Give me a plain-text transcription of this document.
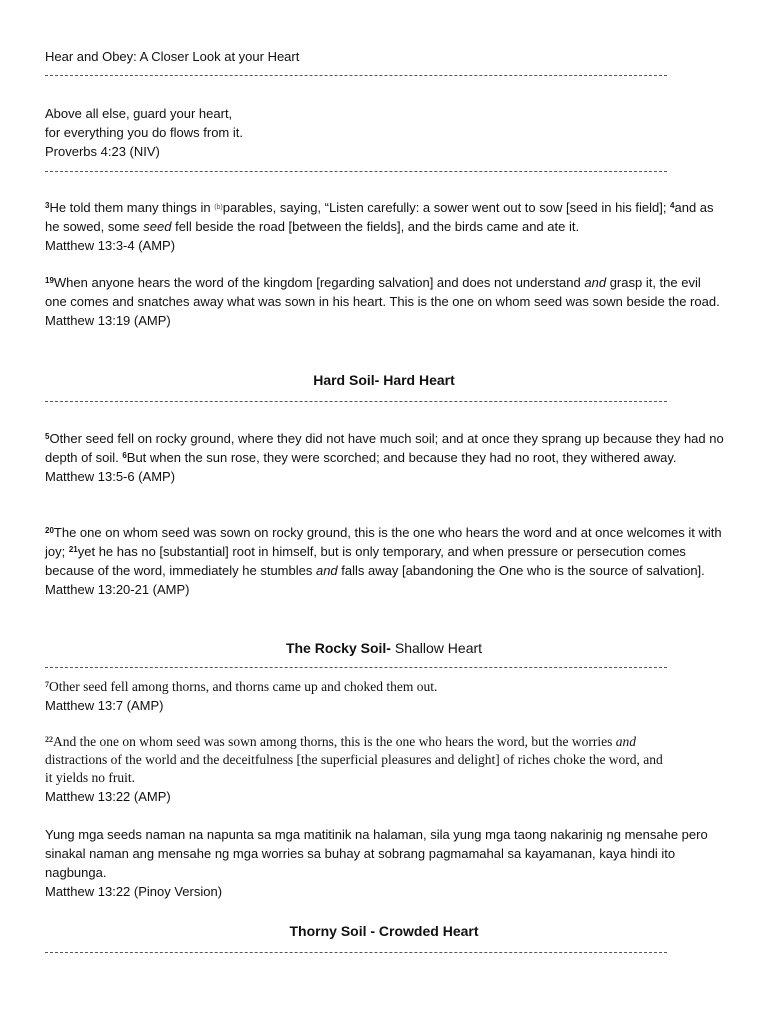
Hear and Obey: A Closer Look at your Heart

Above all else, guard your heart,

for everything you do flows from it.

Proverbs 4:23 (NIV)

$^3$He told them many things in $^{(b)}$parables, saying, “Listen carefully: a sower went out to sow [seed in his field]; $^4$and as he sowed, some seed fell beside the road [between the fields], and the birds came and ate it.

Matthew 13:3-4 (AMP)

$^{19}$When anyone hears the word of the kingdom [regarding salvation] and does not understand and grasp it, the evil one comes and snatches away what was sown in his heart. This is the one on whom seed was sown beside the road.

Matthew 13:19 (AMP)

Hard Soil- Hard Heart

$^5$Other seed fell on rocky ground, where they did not have much soil; and at once they sprang up because they had no depth of soil. $^6$But when the sun rose, they were scorched; and because they had no root, they withered away.

Matthew 13:5-6 (AMP)

$^{20}$The one on whom seed was sown on rocky ground, this is the one who hears the word and at once welcomes it with joy; $^{21}$yet he has no [substantial] root in himself, but is only temporary, and when pressure or persecution comes because of the word, immediately he stumbles and falls away [abandoning the One who is the source of salvation].

Matthew 13:20-21 (AMP)

The Rocky Soil- Shallow Heart

$^7$Other seed fell among thorns, and thorns came up and choked them out.

Matthew 13:7 (AMP)

$^{22}$And the one on whom seed was sown among thorns, this is the one who hears the word, but the worries and distractions of the world and the deceitfulness [the superficial pleasures and delight] of riches choke the word, and it yields no fruit.

Matthew 13:22 (AMP)

Yung mga seeds naman na napunta sa mga matitinik na halaman, sila yung mga taong nakarinig ng mensahe pero sinakal naman ang mensahe ng mga worries sa buhay at sobrang pagmamahal sa kayamanan, kaya hindi ito nagbunga.

Matthew 13:22 (Pinoy Version)

Thorny Soil - Crowded Heart
